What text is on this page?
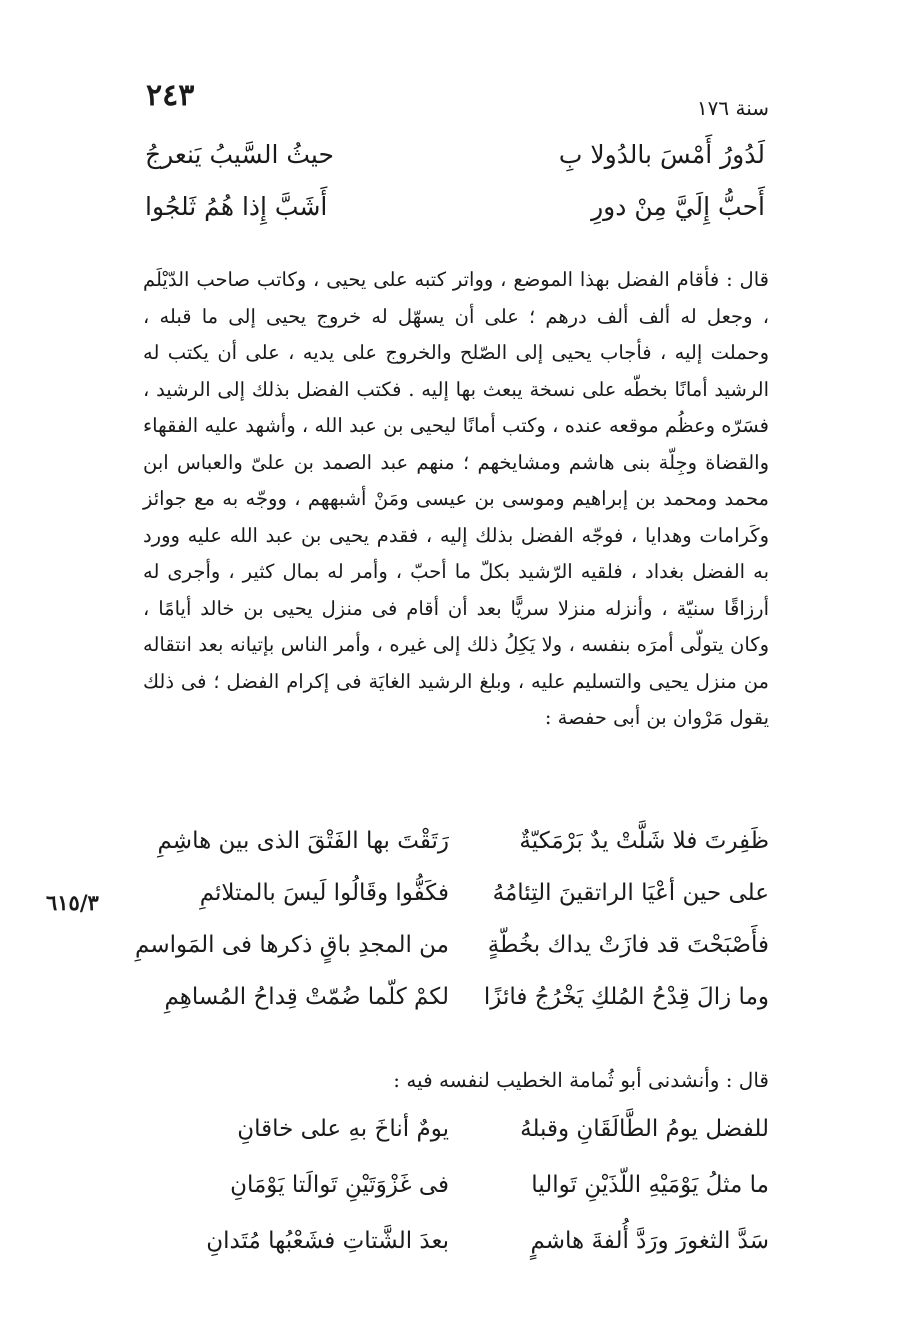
٢٤٣	سنة ١٧٦
لَدُورُ أَمْسَ بالدُولا بِ
حيثُ السَّيبُ يَنعرجُ
أَحبُّ إِلَيَّ مِنْ دورِ
أَشَبَّ إِذا هُمُ ثَلجُوا

قال : فأقام الفضل بهذا الموضع ، وواتر كتبه على يحيى ، وكاتب صاحب الدّيْلَم ، وجعل له ألف ألف درهم ؛ على أن يسهّل له خروج يحيى إلى ما قبله ، وحملت إليه ، فأجاب يحيى إلى الصّلح والخروج على يديه ، على أن يكتب له الرشيد أمانًا بخطّه على نسخة يبعث بها إليه . فكتب الفضل بذلك إلى الرشيد ، فسَرّه وعظُم موقعه عنده ، وكتب أمانًا ليحيى بن عبد الله ، وأشهد عليه الفقهاء والقضاة وجِلّة بنى هاشم ومشايخهم ؛ منهم عبد الصمد بن علىّ والعباس ابن محمد ومحمد بن إبراهيم وموسى بن عيسى ومَنْ أشبههم ، ووجّه به مع جوائز وكَرامات وهدايا ، فوجّه الفضل بذلك إليه ، فقدم يحيى بن عبد الله عليه وورد به الفضل بغداد ، فلقيه الرّشيد بكلّ ما أحبّ ، وأمر له بمال كثير ، وأجرى له أرزاقًا سنيّة ، وأنزله منزلا سريًّا بعد أن أقام فى منزل يحيى بن خالد أيامًا ، وكان يتولّى أمرَه بنفسه ، ولا يَكِلُ ذلك إلى غيره ، وأمر الناس بإتيانه بعد انتقاله من منزل يحيى والتسليم عليه ، وبلغ الرشيد الغايَة فى إكرام الفضل ؛ فى ذلك يقول مَرْوان بن أبى حفصة :

ظَفِرتَ فلا شَلَّتْ يدٌ بَرْمَكيّةٌ
رَتَقْتَ بها الفَتْقَ الذى بين هاشِمِ
على حين أعْيَا الراتقينَ التِئامُهُ
فكَفُّوا وقَالُوا لَيسَ بالمتلائمِ
فأَصْبَحْتَ قد فازَتْ يداك بخُطّةٍ
من المجدِ باقٍ ذكرها فى المَواسمِ
وما زالَ قِدْحُ المُلكِ يَخْرُجُ فائزًا
لكمْ كلّما ضُمّتْ قِداحُ المُساهِمِ
٦١٥/٣
قال : وأنشدنى أبو ثُمامة الخطيب لنفسه فيه :
للفضل يومُ الطَّالَقَانِ وقبلهُ
يومٌ أناخَ بهِ على خاقانِ
ما مثلُ يَوْمَيْهِ اللّذَيْنِ تَواليا
فى غَزْوَتَيْنِ تَوالَتا يَوْمَانِ
سَدَّ الثغورَ ورَدَّ أُلفةَ هاشمٍ
بعدَ الشَّتاتِ فشَعْبُها مُتَدانِ
